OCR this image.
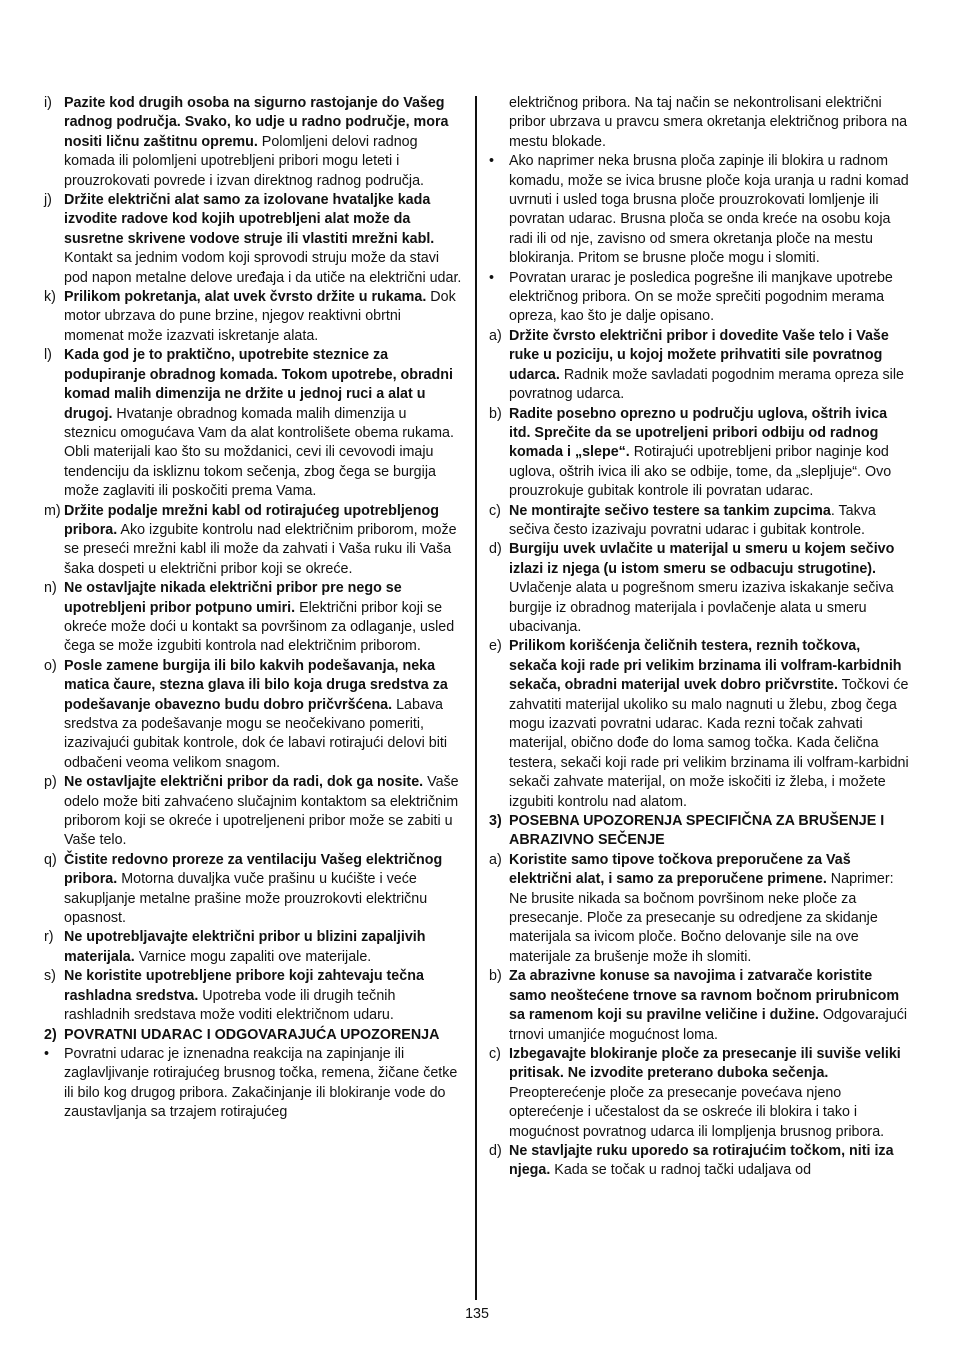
i) Pazite kod drugih osoba na sigurno rastojanje do Vašeg radnog područja. Svako, ko udje u radno područje, mora nositi ličnu zaštitnu opremu. Polomljeni delovi radnog komada ili polomljeni upotrebljeni pribori mogu leteti i prouzrokovati povrede i izvan direktnog radnog područja.
j) Držite električni alat samo za izolovane hvataljke kada izvodite radove kod kojih upotrebljeni alat može da susretne skrivene vodove struje ili vlastiti mrežni kabl. Kontakt sa jednim vodom koji sprovodi struju može da stavi pod napon metalne delove uređaja i da utiče na električni udar.
k) Prilikom pokretanja, alat uvek čvrsto držite u rukama. Dok motor ubrzava do pune brzine, njegov reaktivni obrtni momenat može izazvati iskretanje alata.
l) Kada god je to praktično, upotrebite steznice za podupiranje obradnog komada. Tokom upotrebe, obradni komad malih dimenzija ne držite u jednoj ruci a alat u drugoj. Hvatanje obradnog komada malih dimenzija u steznicu omogućava Vam da alat kontrolišete obema rukama. Obli materijali kao što su moždanici, cevi ili cevovodi imaju tendenciju da iskliznu tokom sečenja, zbog čega se burgija može zaglaviti ili poskočiti prema Vama.
m) Držite podalje mrežni kabl od rotirajućeg upotrebljenog pribora. Ako izgubite kontrolu nad električnim priborom, može se preseći mrežni kabl ili može da zahvati i Vaša ruku ili Vaša šaka dospeti u električni pribor koji se okreće.
n) Ne ostavljajte nikada električni pribor pre nego se upotrebljeni pribor potpuno umiri. Električni pribor koji se okreće može doći u kontakt sa površinom za odlaganje, usled čega se može izgubiti kontrola nad električnim priborom.
o) Posle zamene burgija ili bilo kakvih podešavanja, neka matica čaure, stezna glava ili bilo koja druga sredstva za podešavanje obavezno budu dobro pričvršćena. Labava sredstva za podešavanje mogu se neočekivano pomeriti, izazivajući gubitak kontrole, dok će labavi rotirajući delovi biti odbačeni veoma velikom snagom.
p) Ne ostavljajte električni pribor da radi, dok ga nosite. Vaše odelo može biti zahvaćeno slučajnim kontaktom sa električnim priborom koji se okreće i upotreljeneni pribor može se zabiti u Vaše telo.
q) Čistite redovno proreze za ventilaciju Vašeg električnog pribora. Motorna duvaljka vuče prašinu u kućište i veće sakupljanje metalne prašine može prouzrokovti električnu opasnost.
r) Ne upotrebljavajte električni pribor u blizini zapaljivih materijala. Varnice mogu zapaliti ove materijale.
s) Ne koristite upotrebljene pribore koji zahtevaju tečna rashladna sredstva. Upotreba vode ili drugih tečnih rashladnih sredstava može voditi električnom udaru.
2) POVRATNI UDARAC I ODGOVARAJUĆA UPOZORENJA
• Povratni udarac je iznenadna reakcija na zapinjanje ili zaglavljivanje rotirajućeg brusnog točka, remena, žičane četke ili bilo kog drugog pribora. Zakačinjanje ili blokiranje vode do zaustavljanja sa trzajem rotirajućeg
električnog pribora. Na taj način se nekontrolisani električni pribor ubrzava u pravcu smera okretanja električnog pribora na mestu blokade.
• Ako naprimer neka brusna ploča zapinje ili blokira u radnom komadu, može se ivica brusne ploče koja uranja u radni komad uvrnuti i usled toga brusna ploče prouzrokovati lomljenje ili povratan udarac. Brusna ploča se onda kreće na osobu koja radi ili od nje, zavisno od smera okretanja ploče na mestu blokiranja. Pritom se brusne ploče mogu i slomiti.
• Povratan urarac je posledica pogrešne ili manjkave upotrebe električnog pribora. On se može sprečiti pogodnim merama opreza, kao što je dalje opisano.
a) Držite čvrsto električni pribor i dovedite Vaše telo i Vaše ruke u poziciju, u kojoj možete prihvatiti sile povratnog udarca. Radnik može savladati pogodnim merama opreza sile povratnog udarca.
b) Radite posebno oprezno u području uglova, oštrih ivica itd. Sprečite da se upotreljeni pribori odbiju od radnog komada i „slepe“. Rotirajući upotrebljeni pribor naginje kod uglova, oštrih ivica ili ako se odbije, tome, da „slepljuje“. Ovo prouzrokuje gubitak kontrole ili povratan udarac.
c) Ne montirajte sečivo testere sa tankim zupcima. Takva sečiva često izazivaju povratni udarac i gubitak kontrole.
d) Burgiju uvek uvlačite u materijal u smeru u kojem sečivo izlazi iz njega (u istom smeru se odbacuju strugotine). Uvlačenje alata u pogrešnom smeru izaziva iskakanje sečiva burgije iz obradnog materijala i povlačenje alata u smeru ubacivanja.
e) Prilikom korišćenja čeličnih testera, reznih točkova, sekača koji rade pri velikim brzinama ili volfram-karbidnih sekača, obradni materijal uvek dobro pričvrstite. Točkovi će zahvatiti materijal ukoliko su malo nagnuti u žlebu, zbog čega mogu izazvati povratni udarac. Kada rezni točak zahvati materijal, obično dođe do loma samog točka. Kada čelična testera, sekači koji rade pri velikim brzinama ili volfram-karbidni sekači zahvate materijal, on može iskočiti iz žleba, i možete izgubiti kontrolu nad alatom.
3) POSEBNA UPOZORENJA SPECIFIČNA ZA BRUŠENJE I ABRAZIVNO SEČENJE
a) Koristite samo tipove točkova preporučene za Vaš električni alat, i samo za preporučene primene. Naprimer: Ne brusite nikada sa bočnom površinom neke ploče za presecanje. Ploče za presecanje su odredjene za skidanje materijala sa ivicom ploče. Bočno delovanje sile na ove materijale za brušenje može ih slomiti.
b) Za abrazivne konuse sa navojima i zatvarače koristite samo neoštećene trnove sa ravnom bočnom prirubnicom sa ramenom koji su pravilne veličine i dužine. Odgovarajući trnovi umanjiće mogućnost loma.
c) Izbegavajte blokiranje ploče za presecanje ili suviše veliki pritisak. Ne izvodite preterano duboka sečenja. Preopterećenje ploče za presecanje povećava njeno opterećenje i učestalost da se oskreće ili blokira i tako i mogućnost povratnog udarca ili lompljenja brusnog pribora.
d) Ne stavljajte ruku uporedo sa rotirajućim točkom, niti iza njega. Kada se točak u radnoj tački udaljava od
135
